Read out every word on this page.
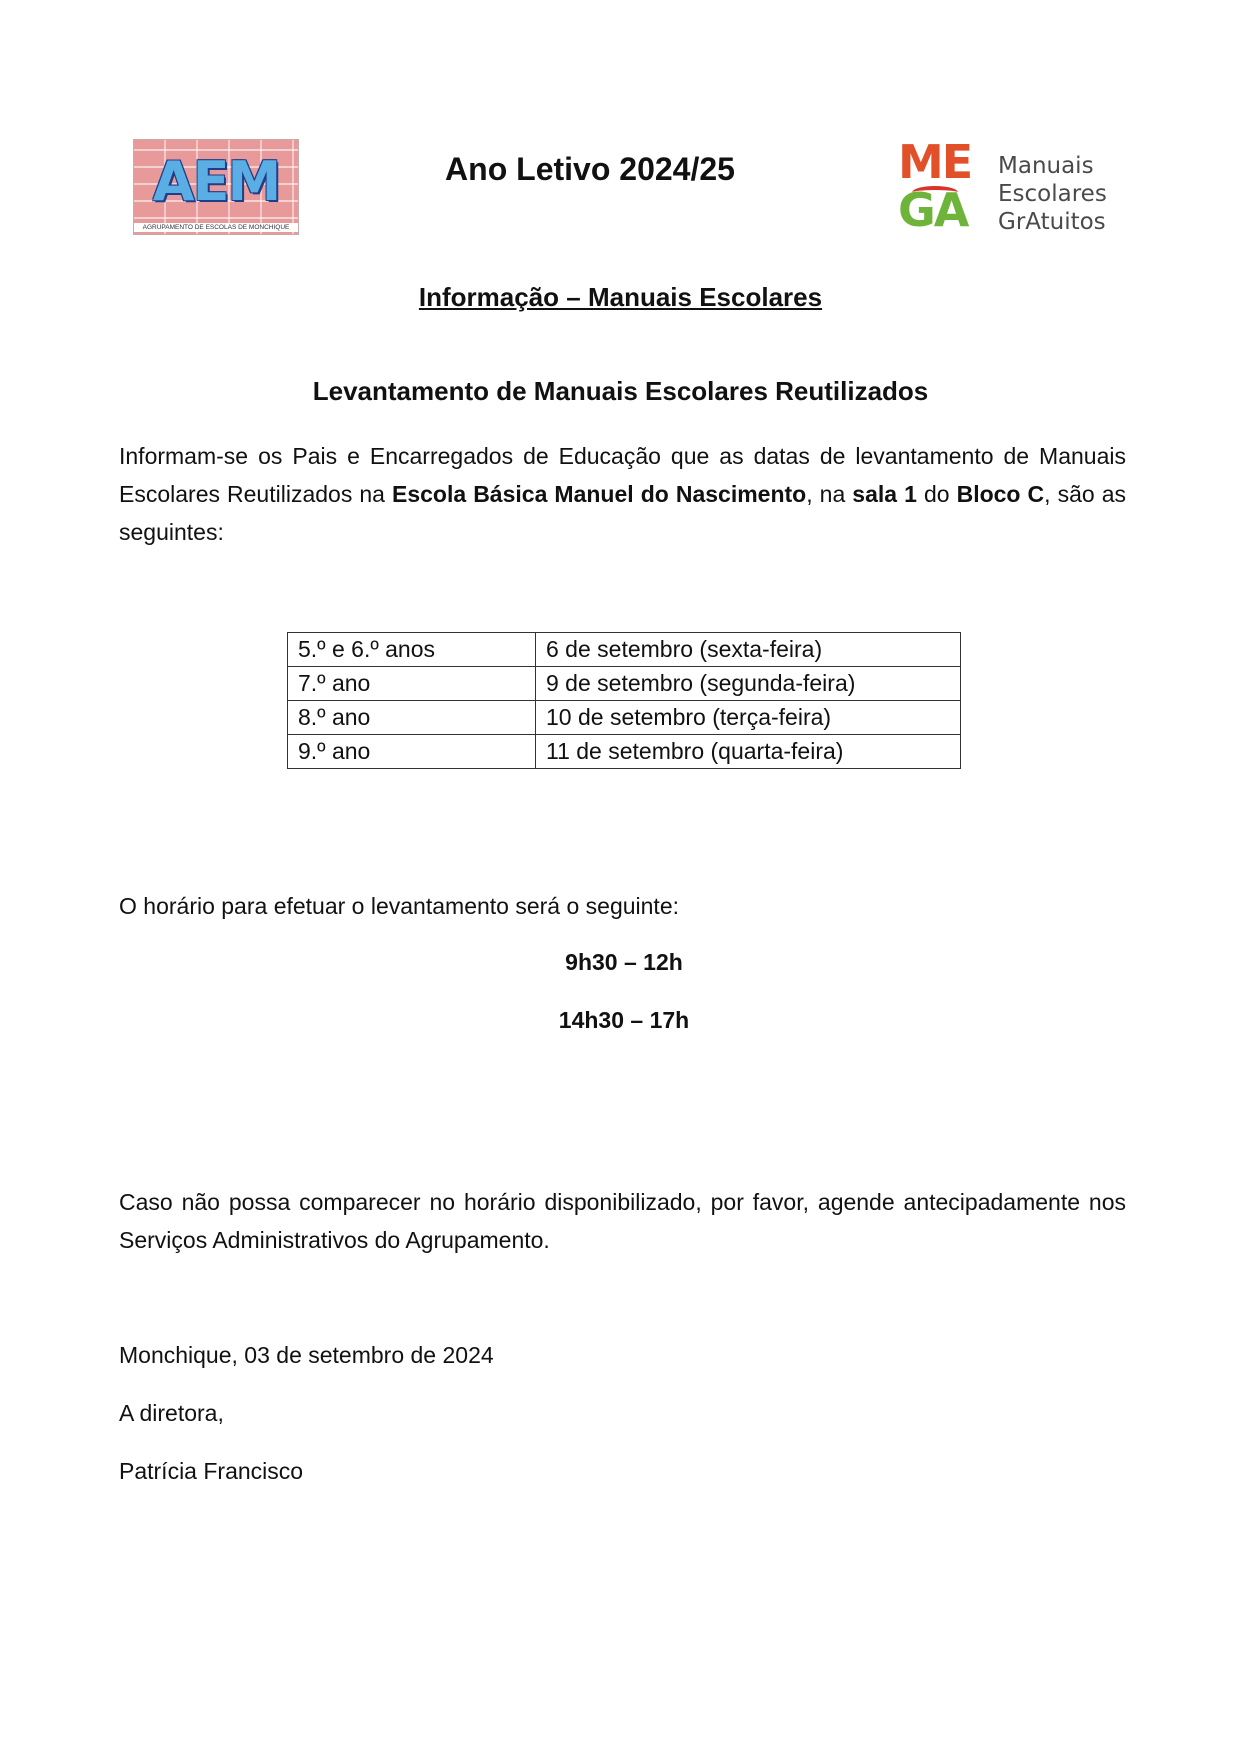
AEM
AGRUPAMENTO DE ESCOLAS DE MONCHIQUE
Ano Letivo 2024/25	ME
GA
Manuais
Escolares
GrAtuitos
Informação – Manuais Escolares
Levantamento de Manuais Escolares Reutilizados

Informam-se os Pais e Encarregados de Educação que as datas de levantamento de Manuais Escolares Reutilizados na Escola Básica Manuel do Nascimento, na sala 1 do Bloco C, são as seguintes:

5.º e 6.º anos	6 de setembro (sexta-feira)
7.º ano	9 de setembro (segunda-feira)
8.º ano	10 de setembro (terça-feira)
9.º ano	11 de setembro (quarta-feira)
O horário para efetuar o levantamento será o seguinte:
9h30 – 12h
14h30 – 17h

Caso não possa comparecer no horário disponibilizado, por favor, agende antecipadamente nos Serviços Administrativos do Agrupamento.

Monchique, 03 de setembro de 2024
A diretora,
Patrícia Francisco
